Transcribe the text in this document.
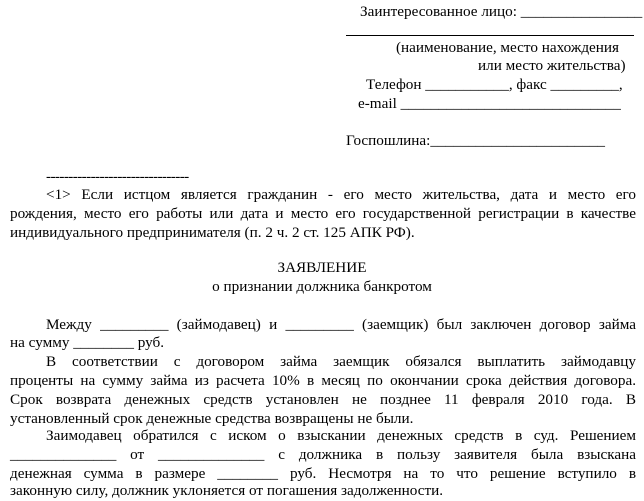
Заинтересованное лицо: ________________
(наименование, место нахождения
или место жительства)
Телефон ___________, факс _________,
e-mail _____________________________
Госпошлина:_______________________
--------------------------------
<1> Если истцом является гражданин - его место жительства, дата и место его
рождения, место его работы или дата и место его государственной регистрации в качестве
индивидуального предпринимателя (п. 2 ч. 2 ст. 125 АПК РФ).
ЗАЯВЛЕНИЕ
о признании должника банкротом
Между _________ (займодавец) и _________ (заемщик) был заключен договор займа
на сумму ________ руб.
В соответствии с договором займа заемщик обязался выплатить займодавцу
проценты на сумму займа из расчета 10% в месяц по окончании срока действия договора.
Срок возврата денежных средств установлен не позднее 11 февраля 2010 года. В
установленный срок денежные средства возвращены не были.
Заимодавец обратился с иском о взыскании денежных средств в суд. Решением
______________ от ______________ с должника в пользу заявителя была взыскана
денежная сумма в размере ________ руб. Несмотря на то что решение вступило в
законную силу, должник уклоняется от погашения задолженности.
